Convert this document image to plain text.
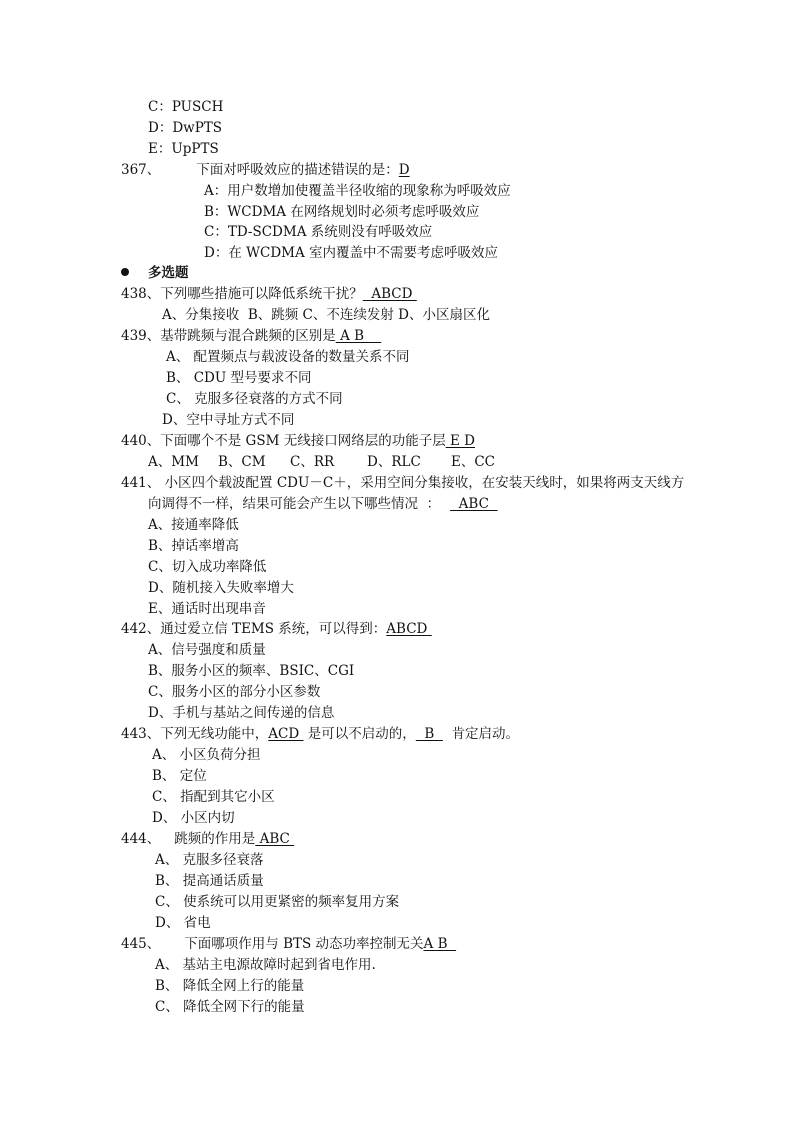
C：PUSCH
D：DwPTS
E：UpPTS
367、	下面对呼吸效应的描述错误的是：D
A：用户数增加使覆盖半径收缩的现象称为呼吸效应
B：WCDMA 在网络规划时必须考虑呼吸效应
C：TD-SCDMA 系统则没有呼吸效应
D：在 WCDMA 室内覆盖中不需要考虑呼吸效应
多选题
438、下列哪些措施可以降低系统干扰？  ABCD
A、分集接收  B、跳频 C、不连续发射 D、小区扇区化
439、基带跳频与混合跳频的区别是 A B
A、 配置频点与载波设备的数量关系不同
B、 CDU 型号要求不同
C、 克服多径衰落的方式不同
D、空中寻址方式不同
440、下面哪个不是 GSM 无线接口网络层的功能子层 E D
A、MM B、CM C、RR D、RLC E、CC
441、 小区四个载波配置 CDU－C＋，采用空间分集接收，在安装天线时，如果将两支天线方
向调得不一样，结果可能会产生以下哪些情况  ：  ABC
A、接通率降低
B、掉话率增高
C、切入成功率降低
D、随机接入失败率增大
E、通话时出现串音
442、通过爱立信 TEMS 系统，可以得到：ABCD
A、信号强度和质量
B、服务小区的频率、BSIC、CGI
C、服务小区的部分小区参数
D、手机与基站之间传递的信息
443、下列无线功能中，ACD  是可以不启动的，  B    肯定启动。
A、 小区负荷分担
B、 定位
C、 指配到其它小区
D、 小区内切
444、 跳频的作用是 ABC
A、 克服多径衰落
B、 提高通话质量
C、 使系统可以用更紧密的频率复用方案
D、 省电
445、 下面哪项作用与 BTS 动态功率控制无关A B
A、 基站主电源故障时起到省电作用.
B、 降低全网上行的能量
C、 降低全网下行的能量
